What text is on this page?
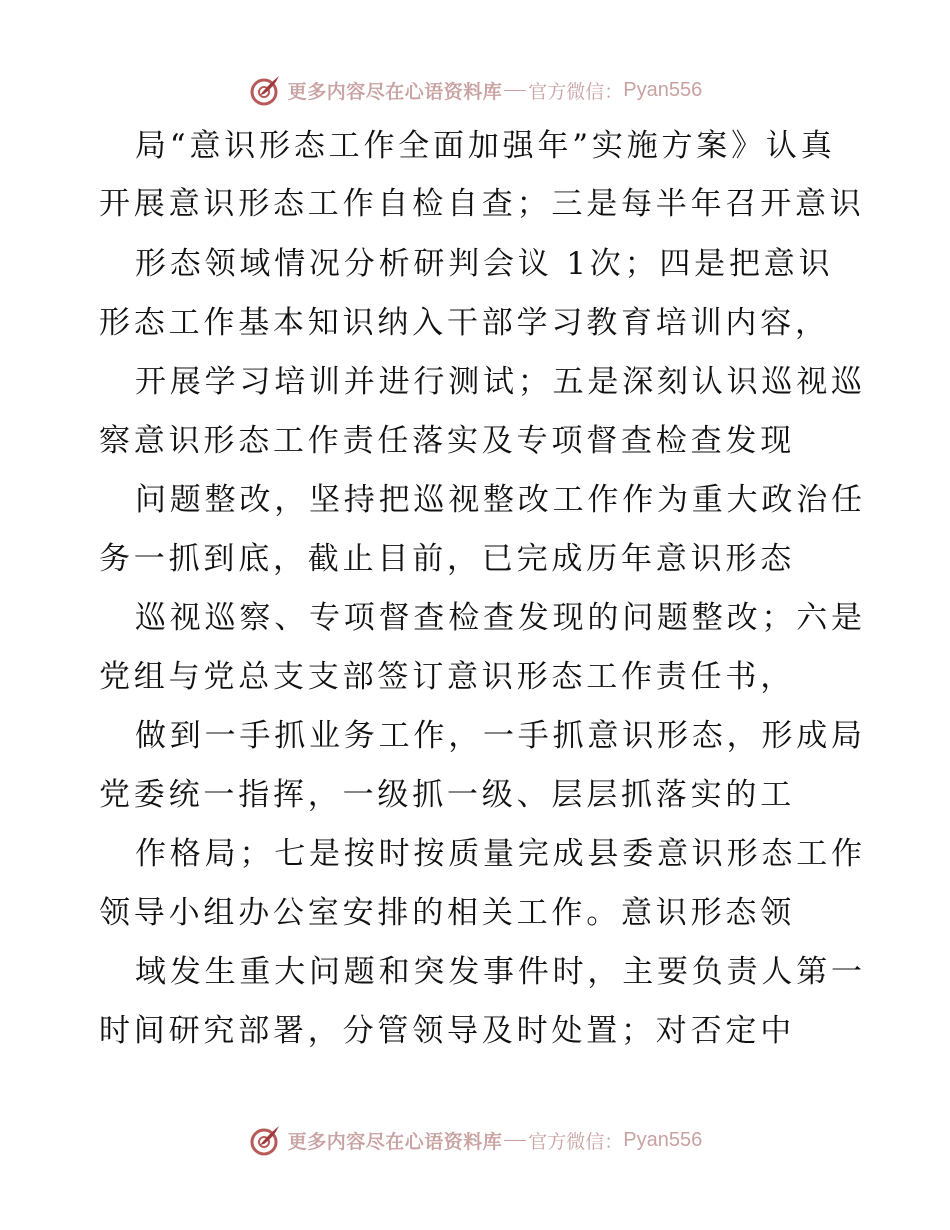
更多内容尽在心语资料库 官方微信： Pyan556
局“意识形态工作全面加强年”实施方案》认真
开展意识形态工作自检自查；三是每半年召开意识
形态领域情况分析研判会议 1次；四是把意识
形态工作基本知识纳入干部学习教育培训内容，
开展学习培训并进行测试；五是深刻认识巡视巡
察意识形态工作责任落实及专项督查检查发现
问题整改，坚持把巡视整改工作作为重大政治任
务一抓到底，截止目前，已完成历年意识形态
巡视巡察、专项督查检查发现的问题整改；六是
党组与党总支支部签订意识形态工作责任书，
做到一手抓业务工作，一手抓意识形态，形成局
党委统一指挥，一级抓一级、层层抓落实的工
作格局；七是按时按质量完成县委意识形态工作
领导小组办公室安排的相关工作。意识形态领
域发生重大问题和突发事件时，主要负责人第一
时间研究部署，分管领导及时处置；对否定中
更多内容尽在心语资料库 官方微信： Pyan556
